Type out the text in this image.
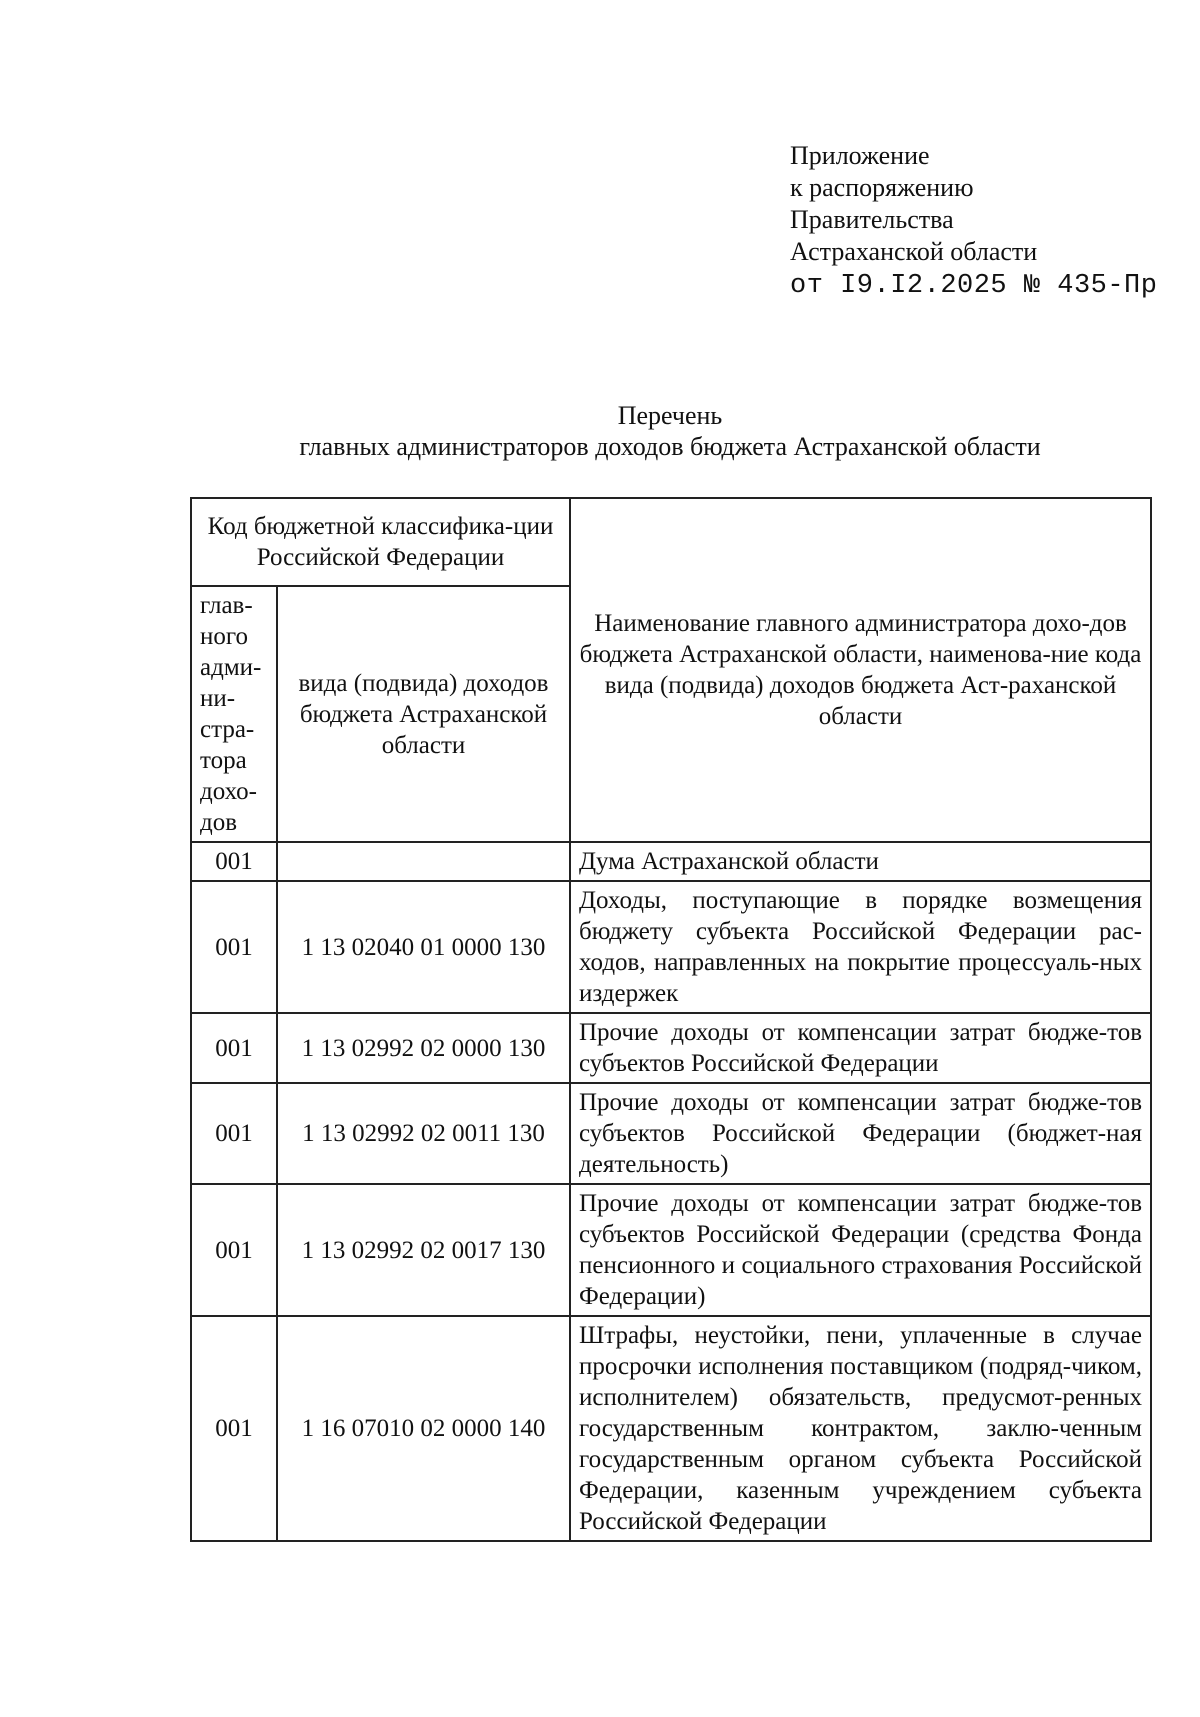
Приложение
к распоряжению
Правительства
Астраханской области
от I9.I2.2025 № 435-Пр
Перечень
главных администраторов доходов бюджета Астраханской области
Код бюджетной классифика-ции Российской Федерации		Наименование главного администратора дохо-дов бюджета Астраханской области, наименова-ние кода вида (подвида) доходов бюджета Аст-раханской области
глав-ного адми-ни-стра-тора дохо-дов	вида (подвида) доходов бюджета Астраханской области	
001		Дума Астраханской области
001	1 13 02040 01 0000 130	Доходы, поступающие в порядке возмещения бюджету субъекта Российской Федерации рас-ходов, направленных на покрытие процессуаль-ных издержек
001	1 13 02992 02 0000 130	Прочие доходы от компенсации затрат бюдже-тов субъектов Российской Федерации
001	1 13 02992 02 0011 130	Прочие доходы от компенсации затрат бюдже-тов субъектов Российской Федерации (бюджет-ная деятельность)
001	1 13 02992 02 0017 130	Прочие доходы от компенсации затрат бюдже-тов субъектов Российской Федерации (средства Фонда пенсионного и социального страхования Российской Федерации)
001	1 16 07010 02 0000 140	Штрафы, неустойки, пени, уплаченные в случае просрочки исполнения поставщиком (подряд-чиком, исполнителем) обязательств, предусмот-ренных государственным контрактом, заклю-ченным государственным органом субъекта Российской Федерации, казенным учреждением субъекта Российской Федерации
